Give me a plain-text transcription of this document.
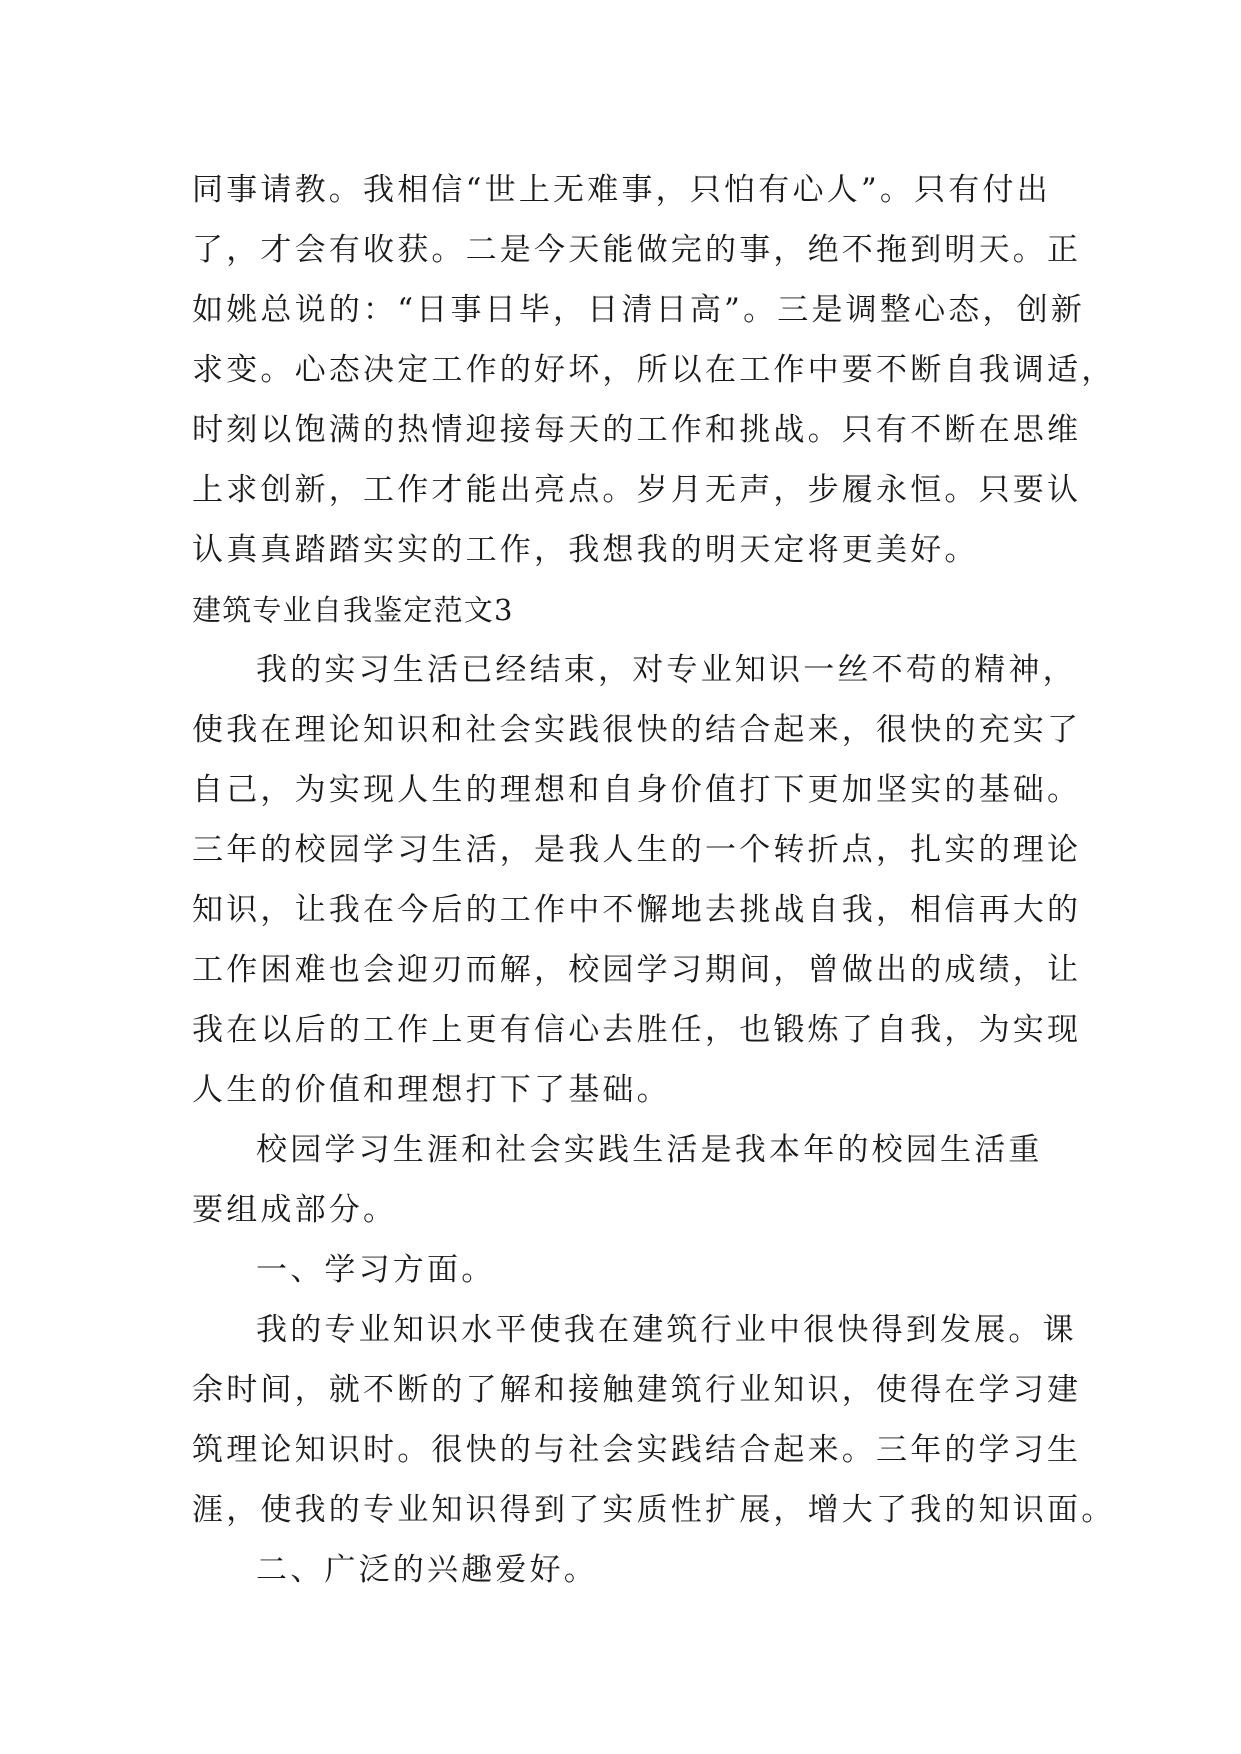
同事请教。我相信“世上无难事，只怕有心人”。只有付出
了，才会有收获。二是今天能做完的事，绝不拖到明天。正
如姚总说的：“日事日毕，日清日高”。三是调整心态，创新
求变。心态决定工作的好坏，所以在工作中要不断自我调适，
时刻以饱满的热情迎接每天的工作和挑战。只有不断在思维
上求创新，工作才能出亮点。岁月无声，步履永恒。只要认
认真真踏踏实实的工作，我想我的明天定将更美好。
建筑专业自我鉴定范文3
我的实习生活已经结束，对专业知识一丝不苟的精神，
使我在理论知识和社会实践很快的结合起来，很快的充实了
自己，为实现人生的理想和自身价值打下更加坚实的基础。
三年的校园学习生活，是我人生的一个转折点，扎实的理论
知识，让我在今后的工作中不懈地去挑战自我，相信再大的
工作困难也会迎刃而解，校园学习期间，曾做出的成绩，让
我在以后的工作上更有信心去胜任，也锻炼了自我，为实现
人生的价值和理想打下了基础。
校园学习生涯和社会实践生活是我本年的校园生活重
要组成部分。
一、学习方面。
我的专业知识水平使我在建筑行业中很快得到发展。课
余时间，就不断的了解和接触建筑行业知识，使得在学习建
筑理论知识时。很快的与社会实践结合起来。三年的学习生
涯，使我的专业知识得到了实质性扩展，增大了我的知识面。
二、广泛的兴趣爱好。
